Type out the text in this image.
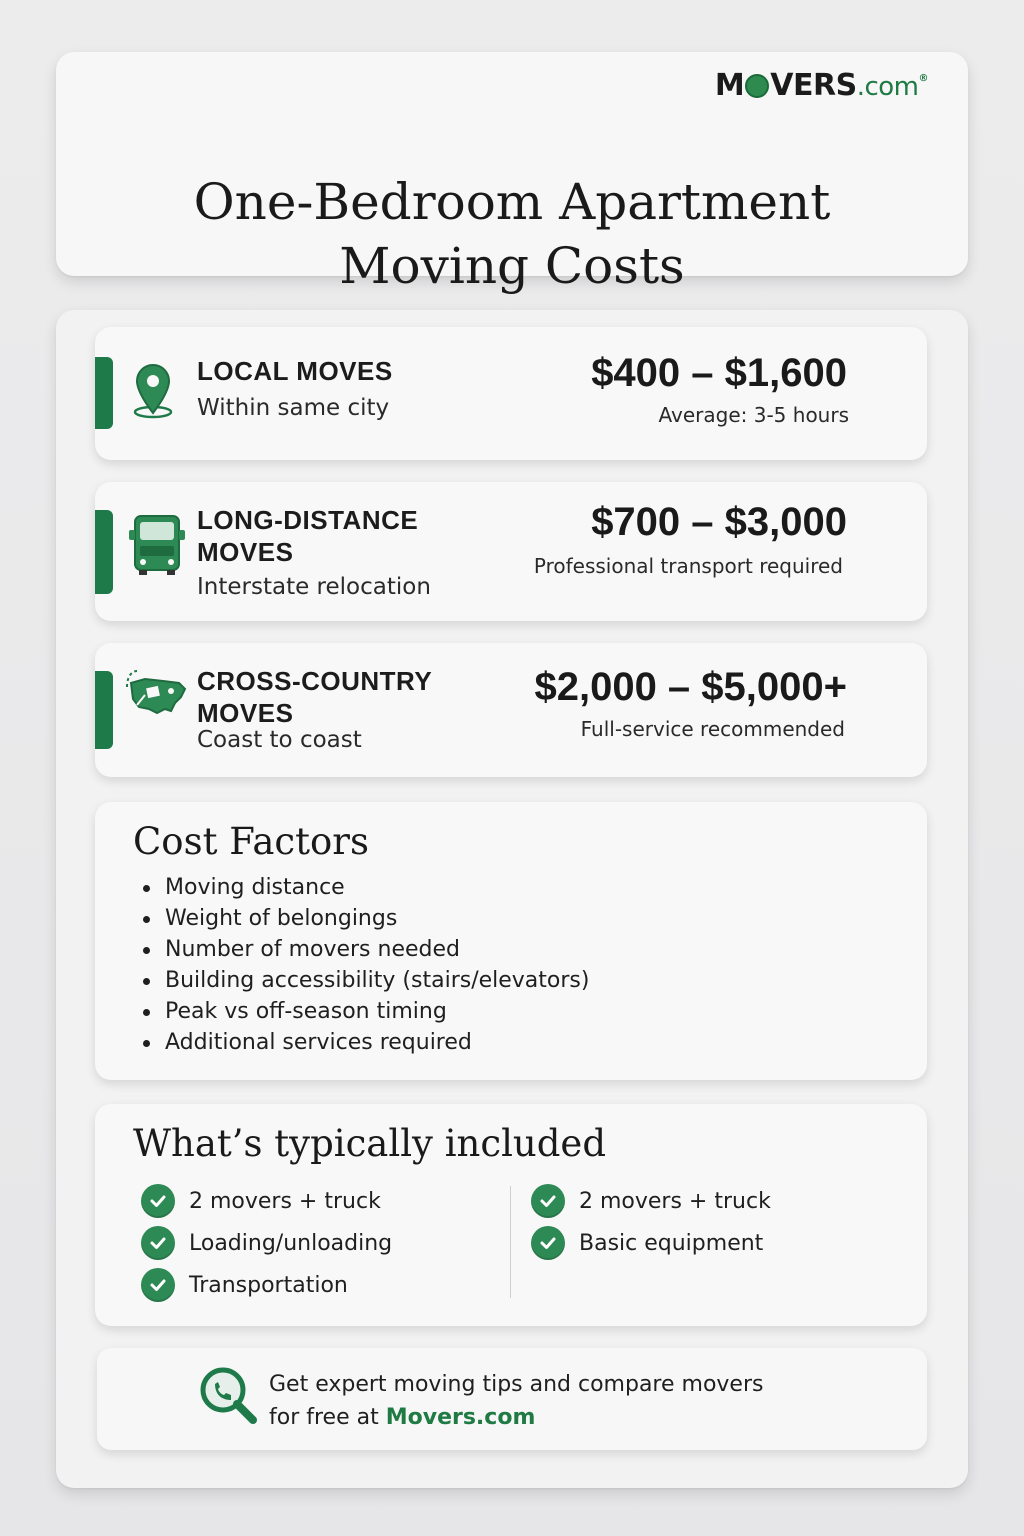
M VERS .com ®
One-Bedroom Apartment
Moving Costs
LOCAL MOVES
Within same city
$400 – $1,600
Average: 3-5 hours
LONG-DISTANCE
MOVES
Interstate relocation
$700 – $3,000
Professional transport required
CROSS-COUNTRY
MOVES
Coast to coast
$2,000 – $5,000+
Full-service recommended
Cost Factors
Moving distance
Weight of belongings
Number of movers needed
Building accessibility (stairs/elevators)
Peak vs off-season timing
Additional services required
What’s typically included
2 movers + truck
Loading/unloading
Transportation
2 movers + truck
Basic equipment
Get expert moving tips and compare movers
for free at Movers.com
